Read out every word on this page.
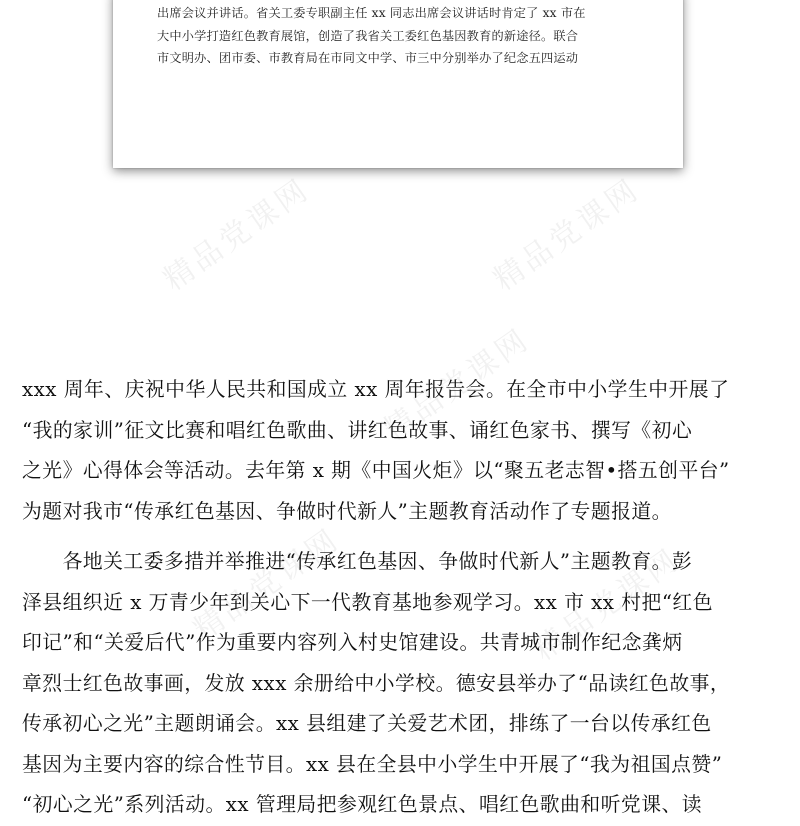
精品党课网	精品党课网
精品党课网
精品党课网
精品党课网
出席会议并讲话。省关工委专职副主任 xx 同志出席会议讲话时肯定了 xx 市在
大中小学打造红色教育展馆，创造了我省关工委红色基因教育的新途径。联合
市文明办、团市委、市教育局在市同文中学、市三中分别举办了纪念五四运动
xxx 周年、庆祝中华人民共和国成立 xx 周年报告会。在全市中小学生中开展了
“我的家训”征文比赛和唱红色歌曲、讲红色故事、诵红色家书、撰写《初心
之光》心得体会等活动。去年第 x 期《中国火炬》以“聚五老志智•搭五创平台”
为题对我市“传承红色基因、争做时代新人”主题教育活动作了专题报道。
　　各地关工委多措并举推进“传承红色基因、争做时代新人”主题教育。彭
泽县组织近 x 万青少年到关心下一代教育基地参观学习。xx 市 xx 村把“红色
印记”和“关爱后代”作为重要内容列入村史馆建设。共青城市制作纪念龚炳
章烈士红色故事画，发放 xxx 余册给中小学校。德安县举办了“品读红色故事，
传承初心之光”主题朗诵会。xx 县组建了关爱艺术团，排练了一台以传承红色
基因为主要内容的综合性节目。xx 县在全县中小学生中开展了“我为祖国点赞”
“初心之光”系列活动。xx 管理局把参观红色景点、唱红色歌曲和听党课、读
